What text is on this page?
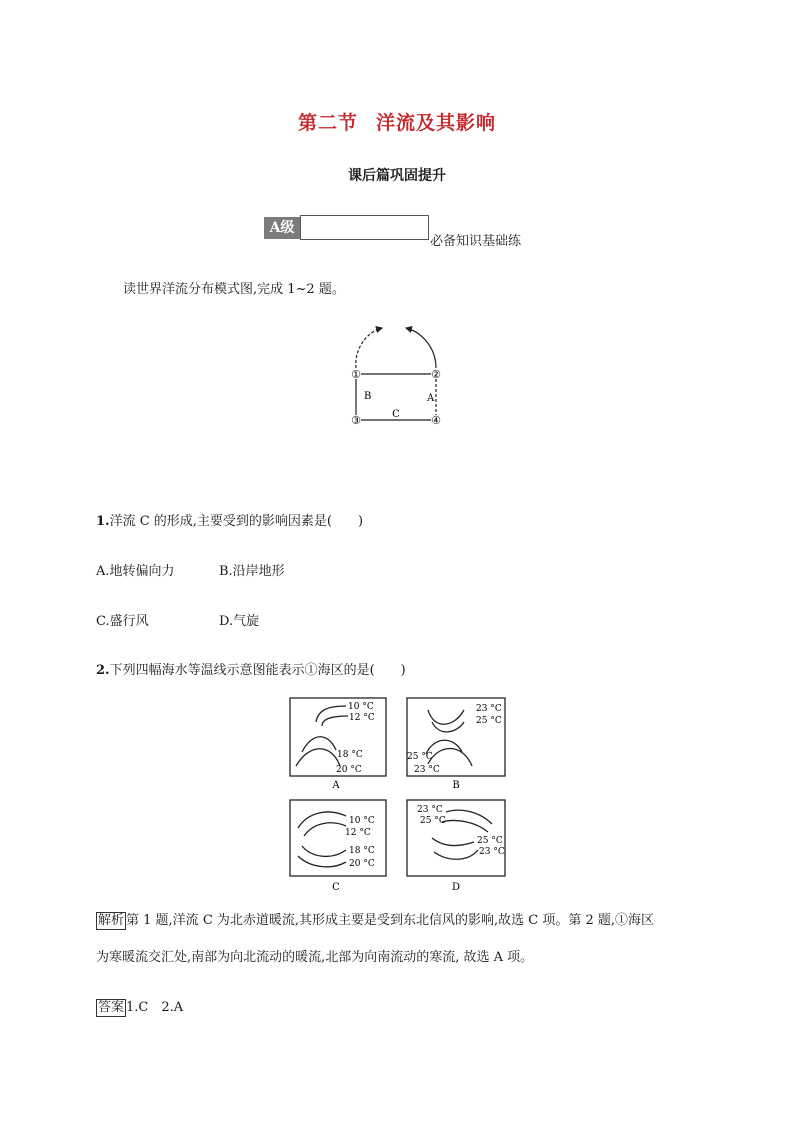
第二节 洋流及其影响
课后篇巩固提升
A级
必备知识基础练
读世界洋流分布模式图,完成 1~2 题。
①	②
③	④
B	A
C
1.洋流 C 的形成,主要受到的影响因素是(　　)
A.地转偏向力	B.沿岸地形
C.盛行风	D.气旋
2.下列四幅海水等温线示意图能表示①海区的是(　　)
10 °C
12 °C
18 °C
20 °C
A
23 °C
25 °C
25 °C
23 °C
B
10 °C
12 °C
18 °C
20 °C
C
23 °C
25 °C
25 °C
23 °C
D
解析 第 1 题,洋流 C 为北赤道暖流,其形成主要是受到东北信风的影响,故选 C 项。第 2 题,①海区
为寒暖流交汇处,南部为向北流动的暖流,北部为向南流动的寒流, 故选 A 项。
答案 1.C　2.A
